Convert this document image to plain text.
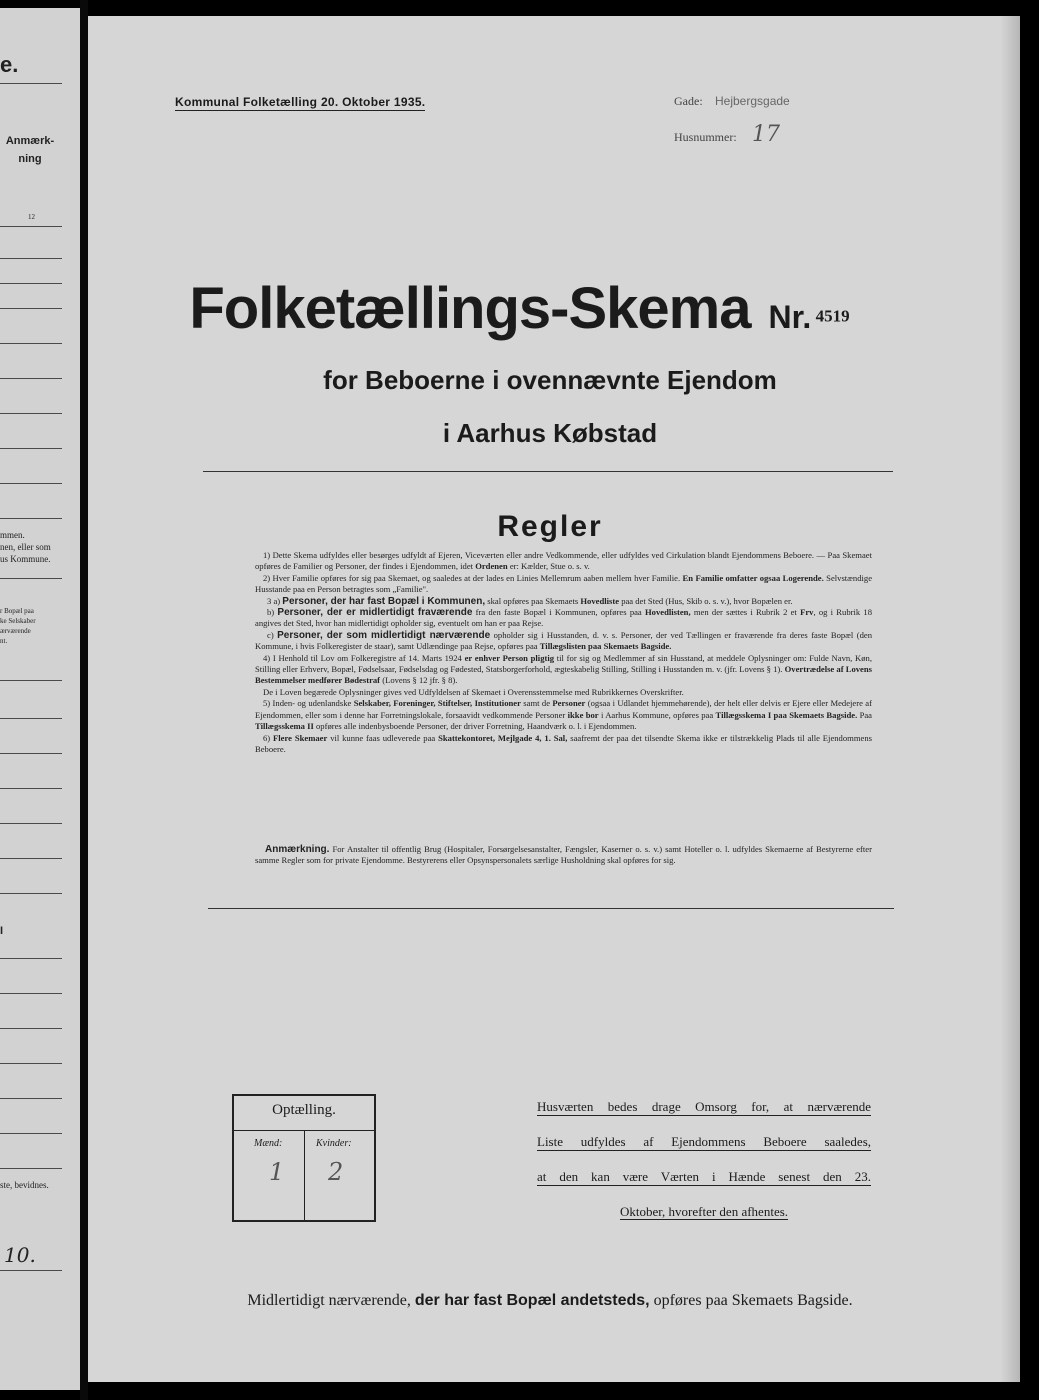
e.
Anmærk-
ning
12
mmen.
nen, eller som
us Kommune.
r Bopæl paa
ke Selskaber
ærværende
nt.
I
ste, bevidnes.
10.
Kommunal Folketælling 20. Oktober 1935.	Gade: Hejbergsgade
Husnummer: 17
Folketællings-Skema Nr. 4519
for Beboerne i ovennævnte Ejendom
i Aarhus Købstad
Regler

1) Dette Skema udfyldes eller besørges udfyldt af Ejeren, Viceværten eller andre Vedkommende, eller udfyldes ved Cirkulation blandt Ejendommens Beboere. — Paa Skemaet opføres de Familier og Personer, der findes i Ejendommen, idet Ordenen er: Kælder, Stue o. s. v.

2) Hver Familie opføres for sig paa Skemaet, og saaledes at der lades en Linies Mellemrum aaben mellem hver Familie. En Familie omfatter ogsaa Logerende. Selvstændige Husstande paa en Person betragtes som „Familie".

3 a) Personer, der har fast Bopæl i Kommunen, skal opføres paa Skemaets Hovedliste paa det Sted (Hus, Skib o. s. v.), hvor Bopælen er.

b) Personer, der er midlertidigt fraværende fra den faste Bopæl i Kommunen, opføres paa Hovedlisten, men der sættes i Rubrik 2 et Frv, og i Rubrik 18 angives det Sted, hvor han midlertidigt opholder sig, eventuelt om han er paa Rejse.

c) Personer, der som midlertidigt nærværende opholder sig i Husstanden, d. v. s. Personer, der ved Tællingen er fraværende fra deres faste Bopæl (den Kommune, i hvis Folkeregister de staar), samt Udlændinge paa Rejse, opføres paa Tillægslisten paa Skemaets Bagside.

4) I Henhold til Lov om Folkeregistre af 14. Marts 1924 er enhver Person pligtig til for sig og Medlemmer af sin Husstand, at meddele Oplysninger om: Fulde Navn, Køn, Stilling eller Erhverv, Bopæl, Fødselsaar, Fødselsdag og Fødested, Statsborgerforhold, ægteskabelig Stilling, Stilling i Husstanden m. v. (jfr. Lovens § 1). Overtrædelse af Lovens Bestemmelser medfører Bødestraf (Lovens § 12 jfr. § 8).

De i Loven begærede Oplysninger gives ved Udfyldelsen af Skemaet i Overensstemmelse med Rubrikkernes Overskrifter.

5) Inden- og udenlandske Selskaber, Foreninger, Stiftelser, Institutioner samt de Personer (ogsaa i Udlandet hjemmehørende), der helt eller delvis er Ejere eller Medejere af Ejendommen, eller som i denne har Forretningslokale, forsaavidt vedkommende Personer ikke bor i Aarhus Kommune, opføres paa Tillægsskema I paa Skemaets Bagside. Paa Tillægsskema II opføres alle indenbysboende Personer, der driver Forretning, Haandværk o. l. i Ejendommen.

6) Flere Skemaer vil kunne faas udleverede paa Skattekontoret, Mejlgade 4, 1. Sal, saafremt der paa det tilsendte Skema ikke er tilstrækkelig Plads til alle Ejendommens Beboere.

Anmærkning. For Anstalter til offentlig Brug (Hospitaler, Forsørgelsesanstalter, Fængsler, Kaserner o. s. v.) samt Hoteller o. l. udfyldes Skemaerne af Bestyrerne efter samme Regler som for private Ejendomme. Bestyrerens eller Opsynspersonalets særlige Husholdning skal opføres for sig.
Optælling.
Mænd:	Kvinder:
1 2
Husværten bedes drage Omsorg for, at nærværende
Liste udfyldes af Ejendommens Beboere saaledes,
at den kan være Værten i Hænde senest den 23.
Oktober, hvorefter den afhentes.
Midlertidigt nærværende, der har fast Bopæl andetsteds, opføres paa Skemaets Bagside.
